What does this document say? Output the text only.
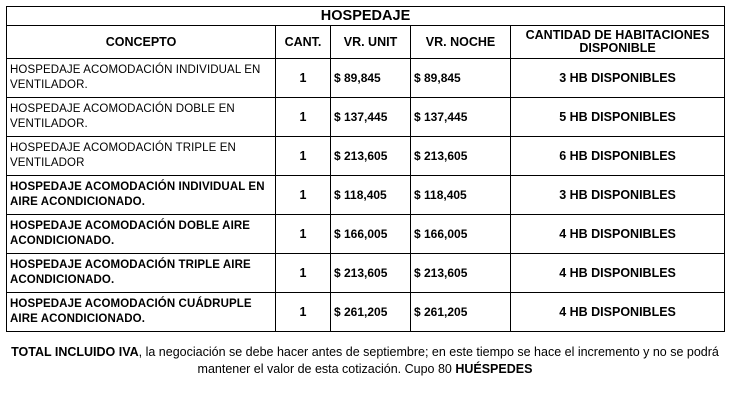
HOSPEDAJE				
CONCEPTO	CANT.	VR. UNIT	VR. NOCHE	CANTIDAD DE HABITACIONES DISPONIBLE
HOSPEDAJE ACOMODACIÓN INDIVIDUAL EN VENTILADOR.	1	$ 89,845	$ 89,845	3 HB DISPONIBLES
HOSPEDAJE ACOMODACIÓN DOBLE EN VENTILADOR.	1	$ 137,445	$ 137,445	5 HB DISPONIBLES
HOSPEDAJE ACOMODACIÓN TRIPLE EN VENTILADOR	1	$ 213,605	$ 213,605	6 HB DISPONIBLES
HOSPEDAJE ACOMODACIÓN INDIVIDUAL EN AIRE ACONDICIONADO.	1	$ 118,405	$ 118,405	3 HB DISPONIBLES
HOSPEDAJE ACOMODACIÓN DOBLE AIRE ACONDICIONADO.	1	$ 166,005	$ 166,005	4 HB DISPONIBLES
HOSPEDAJE ACOMODACIÓN TRIPLE AIRE ACONDICIONADO.	1	$ 213,605	$ 213,605	4 HB DISPONIBLES
HOSPEDAJE ACOMODACIÓN CUÁDRUPLE AIRE ACONDICIONADO.	1	$ 261,205	$ 261,205	4 HB DISPONIBLES
TOTAL INCLUIDO IVA, la negociación se debe hacer antes de septiembre; en este tiempo se hace el incremento y no se podrá mantener el valor de esta cotización. Cupo 80 HUÉSPEDES
